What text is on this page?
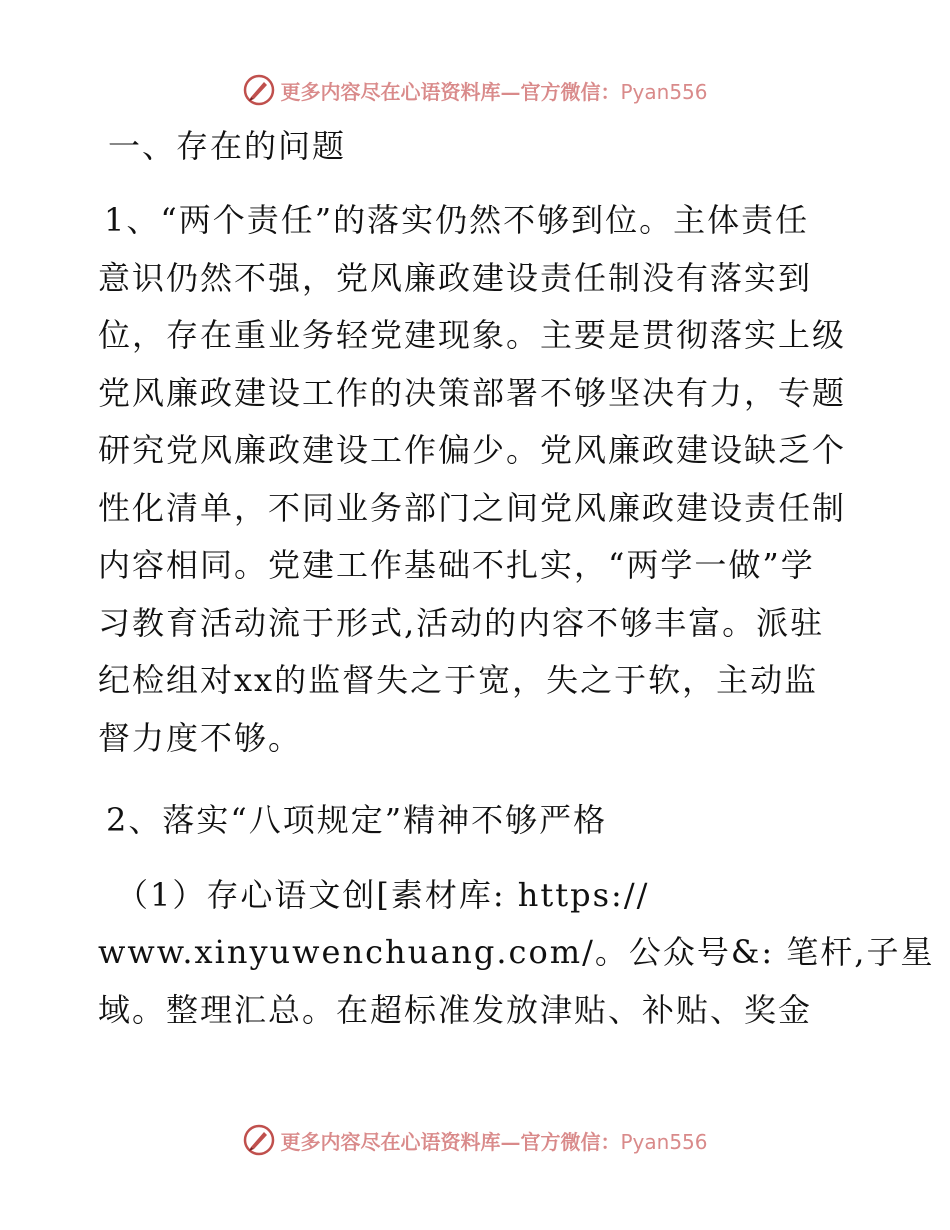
更多内容尽在心语资料库—官方微信：Pyan556
一、存在的问题
1、“两个责任”的落实仍然不够到位。主体责任
意识仍然不强，党风廉政建设责任制没有落实到
位，存在重业务轻党建现象。主要是贯彻落实上级
党风廉政建设工作的决策部署不够坚决有力，专题
研究党风廉政建设工作偏少。党风廉政建设缺乏个
性化清单，不同业务部门之间党风廉政建设责任制
内容相同。党建工作基础不扎实，“两学一做”学
习教育活动流于形式,活动的内容不够丰富。派驻
纪检组对xx的监督失之于宽，失之于软，主动监
督力度不够。
2、落实“八项规定”精神不够严格
（1）存心语文创[素材库: https://
www.xinyuwenchuang.com/。公众号&: 笔杆,子星
域。整理汇总。在超标准发放津贴、补贴、奖金
更多内容尽在心语资料库—官方微信：Pyan556
